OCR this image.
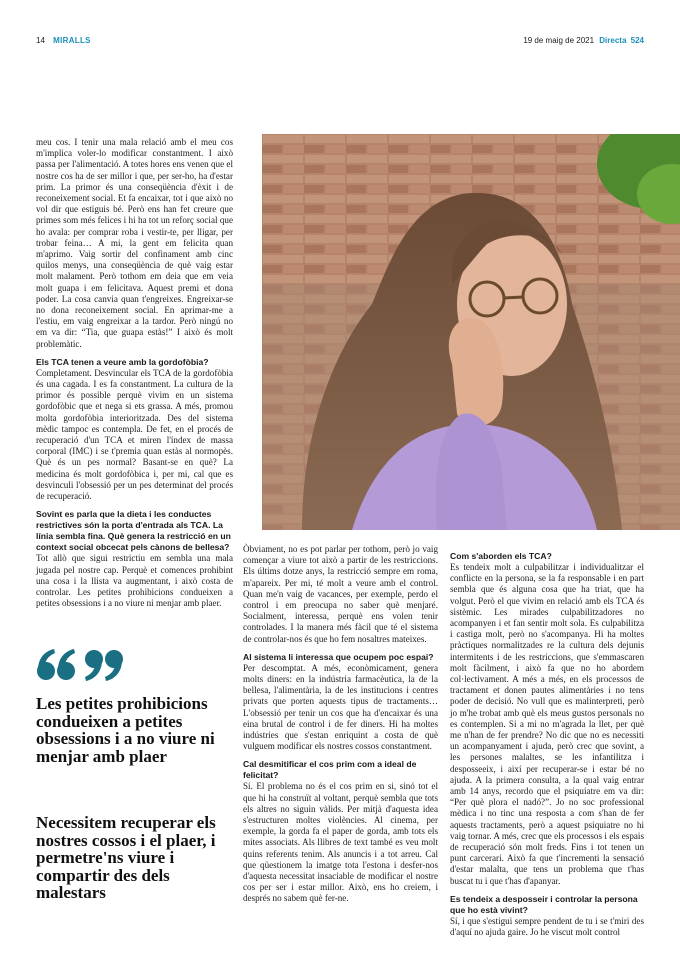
14 MIRALLS	19 de maig de 2021 Directa 524

meu cos. I tenir una mala relació amb el meu cos m'implica voler-lo modificar constantment. I això passa per l'alimentació. A totes hores ens venen que el nostre cos ha de ser millor i que, per ser-ho, ha d'estar prim. La primor és una conseqüència d'èxit i de reconeixement social. Et fa encaixar, tot i que això no vol dir que estiguis bé. Però ens han fet creure que primes som més felices i hi ha tot un reforç social que ho avala: per comprar roba i vestir-te, per lligar, per trobar feina… A mi, la gent em felicita quan m'aprimo. Vaig sortir del confinament amb cinc quilos menys, una conseqüència de què vaig estar molt malament. Però tothom em deia que em veia molt guapa i em felicitava. Aquest premi et dona poder. La cosa canvia quan t'engreixes. Engreixar-se no dona reconeixement social. En aprimar-me a l'estiu, em vaig engreixar a la tardor. Però ningú no em va dir: “Tia, que guapa estàs!” I això és molt problemàtic.

Els TCA tenen a veure amb la gordofòbia?

Completament. Desvincular els TCA de la gordofòbia és una cagada. I es fa constantment. La cultura de la primor és possible perquè vivim en un sistema gordofòbic que et nega si ets grassa. A més, promou molta gordofòbia interioritzada. Des del sistema mèdic tampoc es contempla. De fet, en el procés de recuperació d'un TCA et miren l'índex de massa corporal (IMC) i se t'premia quan estàs al normopès. Què és un pes normal? Basant-se en què? La medicina és molt gordofòbica i, per mi, cal que es desvinculi l'obsessió per un pes determinat del procés de recuperació.

Sovint es parla que la dieta i les conductes restrictives són la porta d'entrada als TCA. La línia sembla fina. Què genera la restricció en un context social obcecat pels cànons de bellesa?

Tot allò que sigui restrictiu em sembla una mala jugada pel nostre cap. Perquè et comences prohibint una cosa i la llista va augmentant, i això costa de controlar. Les petites prohibicions condueixen a petites obsessions i a no viure ni menjar amb plaer.

Les petites prohibicions condueixen a petites obsessions i a no viure ni menjar amb plaer
Necessitem recuperar els nostres cossos i el plaer, i permetre'ns viure i compartir des dels malestars

Òbviament, no es pot parlar per tothom, però jo vaig començar a viure tot això a partir de les restriccions. Els últims dotze anys, la restricció sempre em roma, m'apareix. Per mi, té molt a veure amb el control. Quan me'n vaig de vacances, per exemple, perdo el control i em preocupa no saber què menjaré. Socialment, interessa, perquè ens volen tenir controlades. I la manera més fàcil que té el sistema de controlar-nos és que ho fem nosaltres mateixes.

Al sistema li interessa que ocupem poc espai?

Per descomptat. A més, econòmicament, genera molts diners: en la indústria farmacèutica, la de la bellesa, l'alimentària, la de les institucions i centres privats que porten aquests tipus de tractaments… L'obsessió per tenir un cos que ha d'encaixar és una eina brutal de control i de fer diners. Hi ha moltes indústries que s'estan enriquint a costa de què vulguem modificar els nostres cossos constantment.

Cal desmitificar el cos prim com a ideal de felicitat?

Sí. El problema no és el cos prim en si, sinó tot el que hi ha construït al voltant, perquè sembla que tots els altres no siguin vàlids. Per mitjà d'aquesta idea s'estructuren moltes violències. Al cinema, per exemple, la gorda fa el paper de gorda, amb tots els mites associats. Als llibres de text també es veu molt quins referents tenim. Als anuncis i a tot arreu. Cal que qüestionem la imatge tota l'estona i desfer-nos d'aquesta necessitat insaciable de modificar el nostre cos per ser i estar millor. Això, ens ho creiem, i després no sabem què fer-ne.

Com s'aborden els TCA?

Es tendeix molt a culpabilitzar i individualitzar el conflicte en la persona, se la fa responsable i en part sembla que és alguna cosa que ha triat, que ha volgut. Però el que vivim en relació amb els TCA és sistèmic. Les mirades culpabilitzadores no acompanyen i et fan sentir molt sola. Es culpabilitza i castiga molt, però no s'acompanya. Hi ha moltes pràctiques normalitzades re la cultura dels dejunis intermitents i de les restriccions, que s'emmascaren molt fàcilment, i això fa que no ho abordem col·lectivament. A més a més, en els processos de tractament et donen pautes alimentàries i no tens poder de decisió. No vull que es malinterpreti, però jo m'he trobat amb què els meus gustos personals no es contemplen. Si a mi no m'agrada la llet, per què me n'han de fer prendre? No dic que no es necessiti un acompanyament i ajuda, però crec que sovint, a les persones malaltes, se les infantilitza i desposseeix, i així per recuperar-se i estar bé no ajuda. A la primera consulta, a la qual vaig entrar amb 14 anys, recordo que el psiquiatre em va dir: “Per què plora el nadó?”. Jo no soc professional mèdica i no tinc una resposta a com s'han de fer aquests tractaments, però a aquest psiquiatre no hi vaig tornar. A més, crec que els processos i els espais de recuperació són molt freds. Fins i tot tenen un punt carcerari. Això fa que t'incrementi la sensació d'estar malalta, que tens un problema que t'has buscat tu i que t'has d'apanyar.

Es tendeix a desposseir i controlar la persona que ho està vivint?

Sí, i que s'estigui sempre pendent de tu i se t'miri des d'aquí no ajuda gaire. Jo he viscut molt control
